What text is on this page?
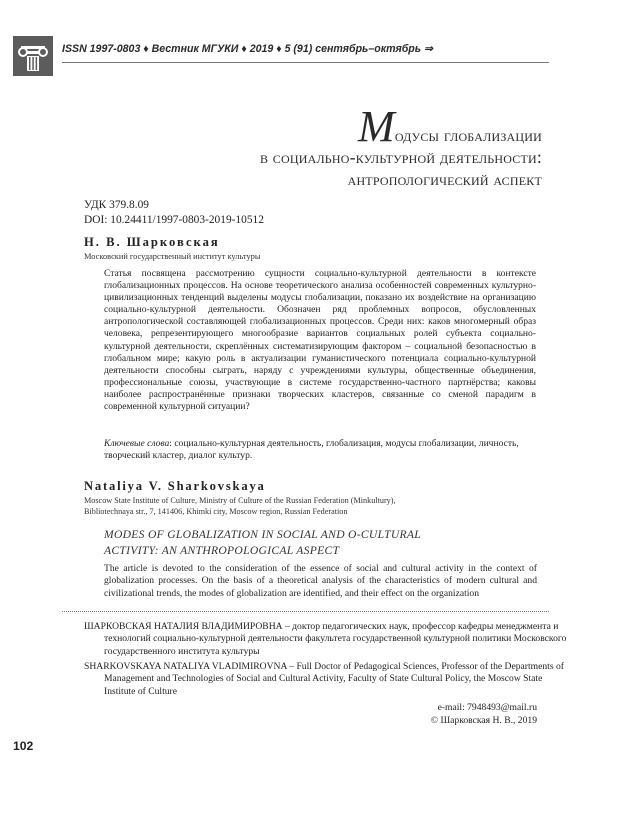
ISSN 1997-0803 ♦ Вестник МГУКИ ♦ 2019 ♦ 5 (91) сентябрь–октябрь ⇒
Модусы глобализации
в социально-культурной деятельности:
антропологический аспект
УДК 379.8.09
DOI: 10.24411/1997-0803-2019-10512
Н. В. Шарковская
Московский государственный институт культуры
Статья посвящена рассмотрению сущности социально-культурной деятельности в контексте глобализационных процессов. На основе теоретического анализа особенностей современных культурно-цивилизационных тенденций выделены модусы глобализации, показано их воздействие на организацию социально-культурной деятельности. Обозначен ряд проблемных вопросов, обусловленных антропологической составляющей глобализационных процессов. Среди них: каков многомерный образ человека, репрезентирующего многообразие вариантов социальных ролей субъекта социально-культурной деятельности, скреплённых систематизирующим фактором – социальной безопасностью в глобальном мире; какую роль в актуализации гуманистического потенциала социально-культурной деятельности способны сыграть, наряду с учреждениями культуры, общественные объединения, профессиональные союзы, участвующие в системе государственно-частного партнёрства; каковы наиболее распространённые признаки творческих кластеров, связанные со сменой парадигм в современной культурной ситуации?
Ключевые слова: социально-культурная деятельность, глобализация, модусы глобализации, личность, творческий кластер, диалог культур.
Nataliya V. Sharkovskaya
Moscow State Institute of Culture, Ministry of Culture of the Russian Federation (Minkultury),
Bibliotechnaya str., 7, 141406, Khimki city, Moscow region, Russian Federation
MODES OF GLOBALIZATION IN SOCIAL AND O-CULTURAL
ACTIVITY: AN ANTHROPOLOGICAL ASPECT
The article is devoted to the consideration of the essence of social and cultural activity in the context of globalization processes. On the basis of a theoretical analysis of the characteristics of modern cultural and civilizational trends, the modes of globalization are identified, and their effect on the organization
ШАРКОВСКАЯ НАТАЛИЯ ВЛАДИМИРОВНА – доктор педагогических наук, профессор кафедры менеджмента и технологий социально-культурной деятельности факультета государственной культурной политики Московского государственного института культуры
SHARKOVSKAYA NATALIYA VLADIMIROVNA – Full Doctor of Pedagogical Sciences, Professor of the Departments of Management and Technologies of Social and Cultural Activity, Faculty of State Cultural Policy, the Moscow State Institute of Culture
e-mail: 7948493@mail.ru
© Шарковская Н. В., 2019
102
